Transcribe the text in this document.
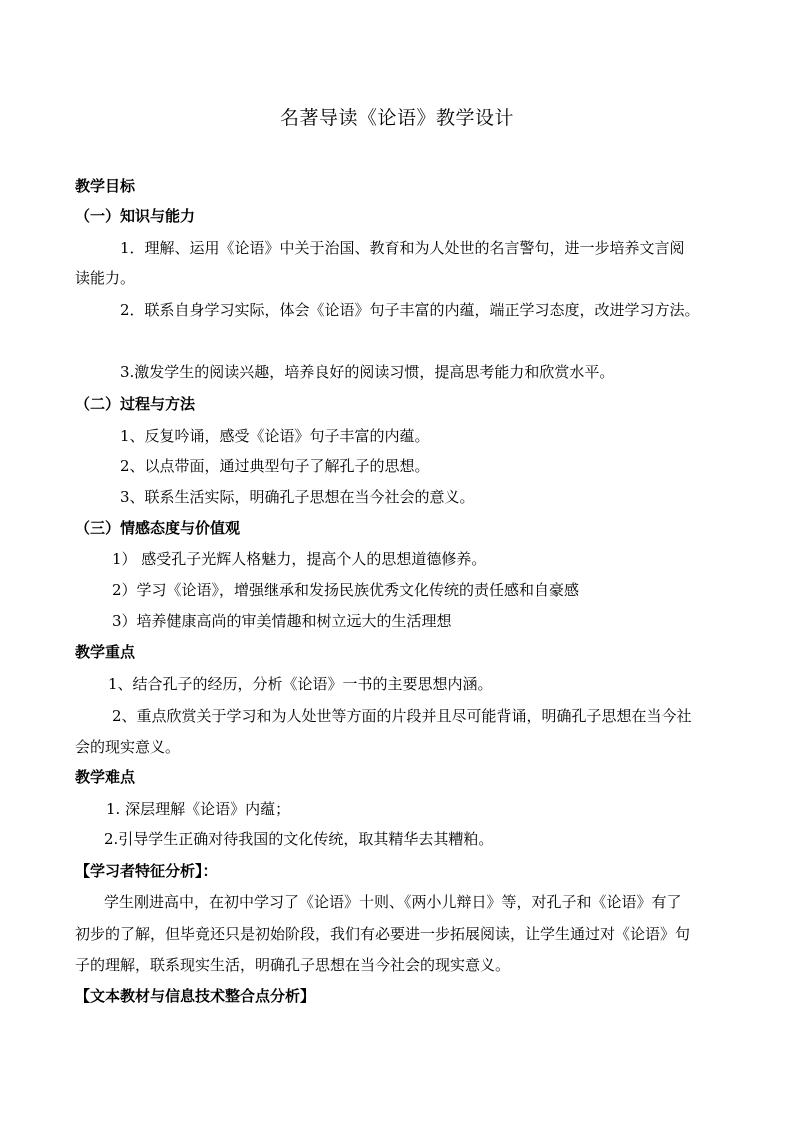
名著导读《论语》教学设计
教学目标
（一）知识与能力
1．理解、运用《论语》中关于治国、教育和为人处世的名言警句，进一步培养文言阅
读能力。
2．联系自身学习实际，体会《论语》句子丰富的内蕴，端正学习态度，改进学习方法。
3.激发学生的阅读兴趣，培养良好的阅读习惯，提高思考能力和欣赏水平。
（二）过程与方法
1、反复吟诵，感受《论语》句子丰富的内蕴。
2、以点带面，通过典型句子了解孔子的思想。
3、联系生活实际，明确孔子思想在当今社会的意义。
（三）情感态度与价值观
1） 感受孔子光辉人格魅力，提高个人的思想道德修养。
2）学习《论语》，增强继承和发扬民族优秀文化传统的责任感和自豪感
3）培养健康高尚的审美情趣和树立远大的生活理想
教学重点
1、结合孔子的经历，分析《论语》一书的主要思想内涵。
2、重点欣赏关于学习和为人处世等方面的片段并且尽可能背诵，明确孔子思想在当今社
会的现实意义。
教学难点
1. 深层理解《论语》内蕴；
2.引导学生正确对待我国的文化传统，取其精华去其糟粕。
【学习者特征分析】：
学生刚进高中，在初中学习了《论语》十则、《两小儿辩日》等，对孔子和《论语》有了
初步的了解，但毕竟还只是初始阶段，我们有必要进一步拓展阅读，让学生通过对《论语》句
子的理解，联系现实生活，明确孔子思想在当今社会的现实意义。
【文本教材与信息技术整合点分析】
